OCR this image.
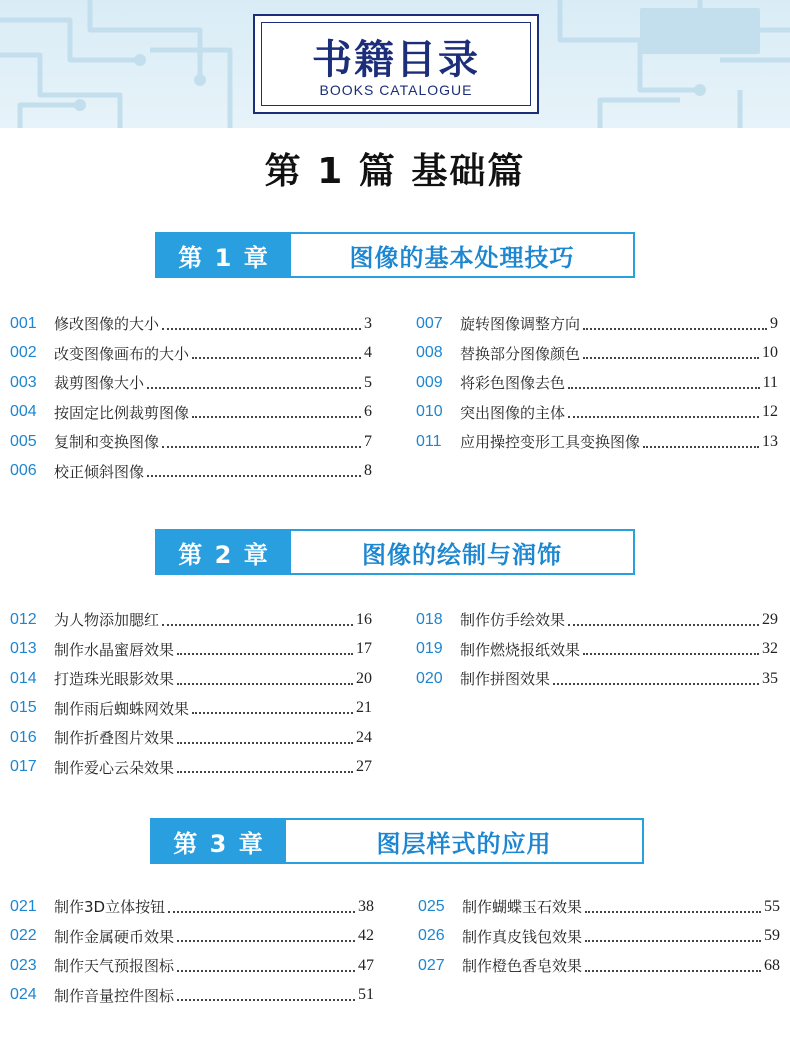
书籍目录
BOOKS CATALOGUE
第 1 篇 基础篇
第 1 章	图像的基本处理技巧
001	修改图像的大小	3
002	改变图像画布的大小	4
003	裁剪图像大小	5
004	按固定比例裁剪图像	6
005	复制和变换图像	7
006	校正倾斜图像	8
007	旋转图像调整方向	9
008	替换部分图像颜色	10
009	将彩色图像去色	11
010	突出图像的主体	12
011	应用操控变形工具变换图像	13
第 2 章	图像的绘制与润饰
012	为人物添加腮红	16
013	制作水晶蜜唇效果	17
014	打造珠光眼影效果	20
015	制作雨后蜘蛛网效果	21
016	制作折叠图片效果	24
017	制作爱心云朵效果	27
018	制作仿手绘效果	29
019	制作燃烧报纸效果	32
020	制作拼图效果	35
第 3 章	图层样式的应用
021	制作3D立体按钮	38
022	制作金属硬币效果	42
023	制作天气预报图标	47
024	制作音量控件图标	51
025	制作蝴蝶玉石效果	55
026	制作真皮钱包效果	59
027	制作橙色香皂效果	68
